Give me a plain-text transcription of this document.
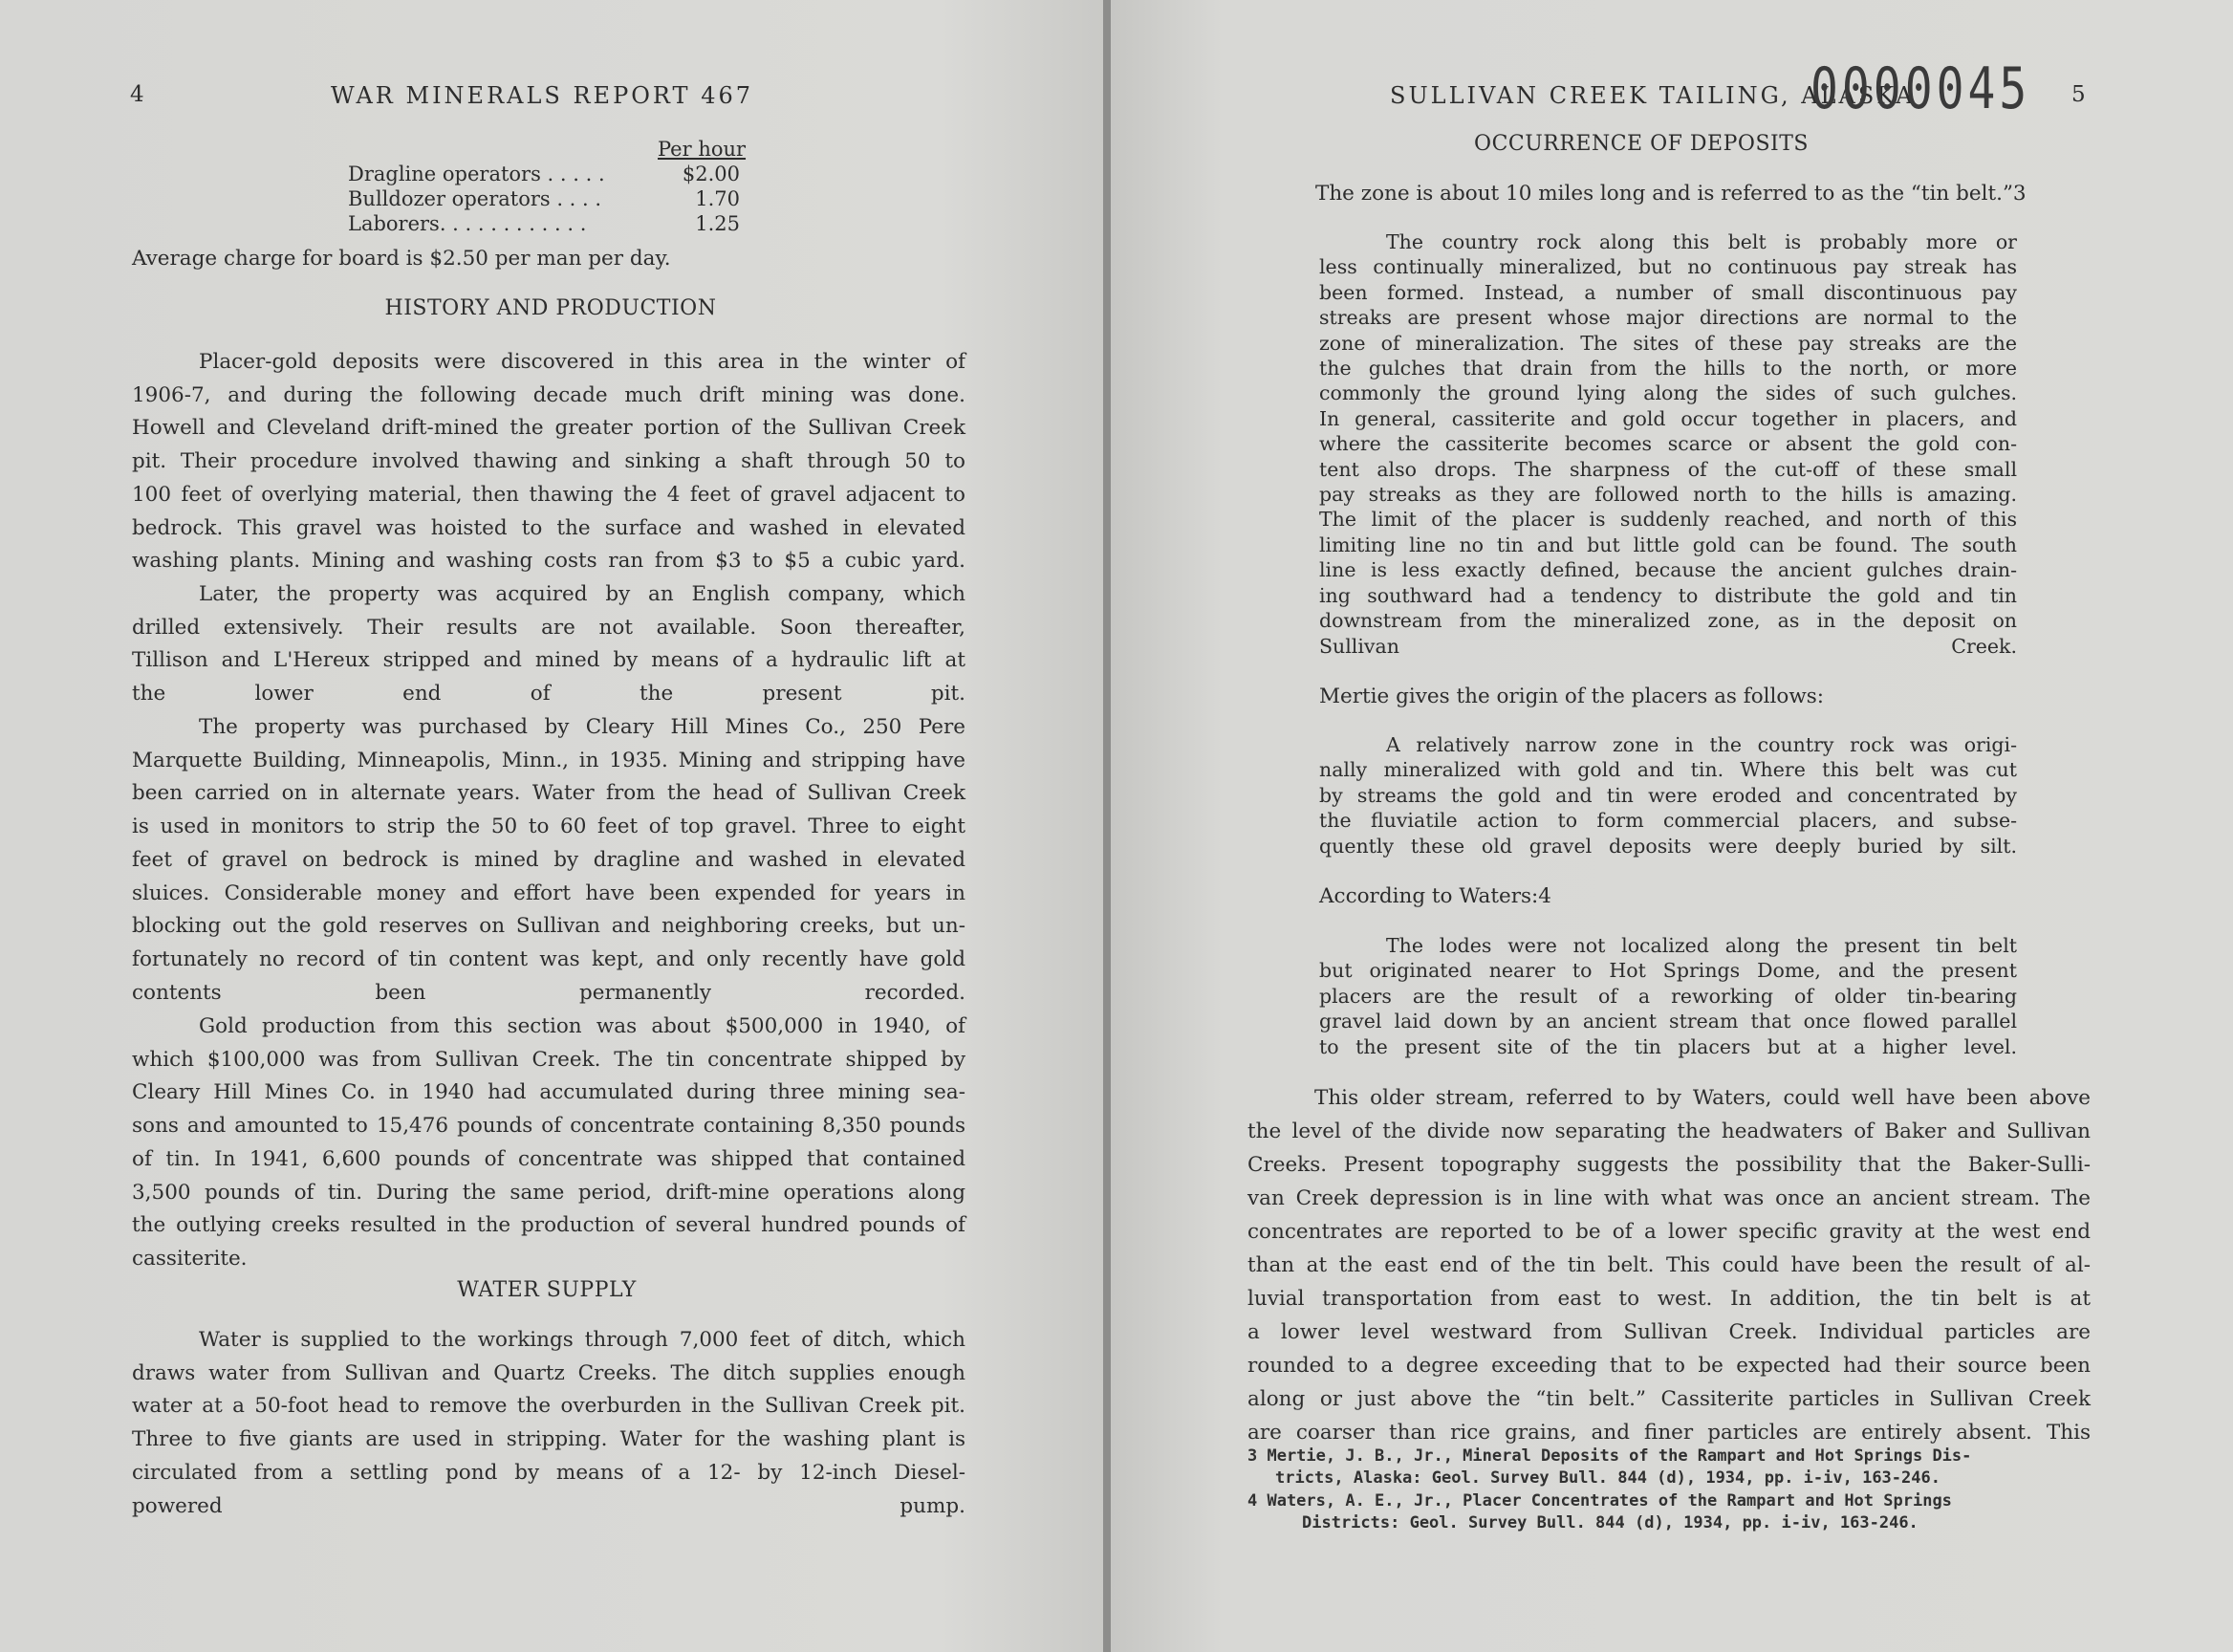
4	WAR MINERALS REPORT 467
Per hour
Dragline operators . . . . .	$2.00
Bulldozer operators . . . .	1.70
Laborers. . . . . . . . . . . .	1.25
Average charge for board is $2.50 per man per day.
HISTORY AND PRODUCTION
Placer-gold deposits were discovered in this area in the winter of
1906-7, and during the following decade much drift mining was done.
Howell and Cleveland drift-mined the greater portion of the Sullivan Creek
pit. Their procedure involved thawing and sinking a shaft through 50 to
100 feet of overlying material, then thawing the 4 feet of gravel adjacent to
bedrock. This gravel was hoisted to the surface and washed in elevated
washing plants. Mining and washing costs ran from $3 to $5 a cubic yard.
Later, the property was acquired by an English company, which
drilled extensively. Their results are not available. Soon thereafter,
Tillison and L'Hereux stripped and mined by means of a hydraulic lift at
the lower end of the present pit.
The property was purchased by Cleary Hill Mines Co., 250 Pere
Marquette Building, Minneapolis, Minn., in 1935. Mining and stripping have
been carried on in alternate years. Water from the head of Sullivan Creek
is used in monitors to strip the 50 to 60 feet of top gravel. Three to eight
feet of gravel on bedrock is mined by dragline and washed in elevated
sluices. Considerable money and effort have been expended for years in
blocking out the gold reserves on Sullivan and neighboring creeks, but un-
fortunately no record of tin content was kept, and only recently have gold
contents been permanently recorded.
Gold production from this section was about $500,000 in 1940, of
which $100,000 was from Sullivan Creek. The tin concentrate shipped by
Cleary Hill Mines Co. in 1940 had accumulated during three mining sea-
sons and amounted to 15,476 pounds of concentrate containing 8,350 pounds
of tin. In 1941, 6,600 pounds of concentrate was shipped that contained
3,500 pounds of tin. During the same period, drift-mine operations along
the outlying creeks resulted in the production of several hundred pounds of
cassiterite.
WATER SUPPLY
Water is supplied to the workings through 7,000 feet of ditch, which
draws water from Sullivan and Quartz Creeks. The ditch supplies enough
water at a 50-foot head to remove the overburden in the Sullivan Creek pit.
Three to five giants are used in stripping. Water for the washing plant is
circulated from a settling pond by means of a 12- by 12-inch Diesel-
powered pump.
SULLIVAN CREEK TAILING, ALASKA
0000045 5
OCCURRENCE OF DEPOSITS
The zone is about 10 miles long and is referred to as the “tin belt.”3
The country rock along this belt is probably more or
less continually mineralized, but no continuous pay streak has
been formed. Instead, a number of small discontinuous pay
streaks are present whose major directions are normal to the
zone of mineralization. The sites of these pay streaks are the
the gulches that drain from the hills to the north, or more
commonly the ground lying along the sides of such gulches.
In general, cassiterite and gold occur together in placers, and
where the cassiterite becomes scarce or absent the gold con-
tent also drops. The sharpness of the cut-off of these small
pay streaks as they are followed north to the hills is amazing.
The limit of the placer is suddenly reached, and north of this
limiting line no tin and but little gold can be found. The south
line is less exactly defined, because the ancient gulches drain-
ing southward had a tendency to distribute the gold and tin
downstream from the mineralized zone, as in the deposit on
Sullivan Creek.
Mertie gives the origin of the placers as follows:
A relatively narrow zone in the country rock was origi-
nally mineralized with gold and tin. Where this belt was cut
by streams the gold and tin were eroded and concentrated by
the fluviatile action to form commercial placers, and subse-
quently these old gravel deposits were deeply buried by silt.
According to Waters:4
The lodes were not localized along the present tin belt
but originated nearer to Hot Springs Dome, and the present
placers are the result of a reworking of older tin-bearing
gravel laid down by an ancient stream that once flowed parallel
to the present site of the tin placers but at a higher level.
This older stream, referred to by Waters, could well have been above
the level of the divide now separating the headwaters of Baker and Sullivan
Creeks. Present topography suggests the possibility that the Baker-Sulli-
van Creek depression is in line with what was once an ancient stream. The
concentrates are reported to be of a lower specific gravity at the west end
than at the east end of the tin belt. This could have been the result of al-
luvial transportation from east to west. In addition, the tin belt is at
a lower level westward from Sullivan Creek. Individual particles are
rounded to a degree exceeding that to be expected had their source been
along or just above the “tin belt.” Cassiterite particles in Sullivan Creek
are coarser than rice grains, and finer particles are entirely absent. This
3 Mertie, J. B., Jr., Mineral Deposits of the Rampart and Hot Springs Dis-
tricts, Alaska: Geol. Survey Bull. 844 (d), 1934, pp. i-iv, 163-246.
4 Waters, A. E., Jr., Placer Concentrates of the Rampart and Hot Springs
Districts: Geol. Survey Bull. 844 (d), 1934, pp. i-iv, 163-246.
